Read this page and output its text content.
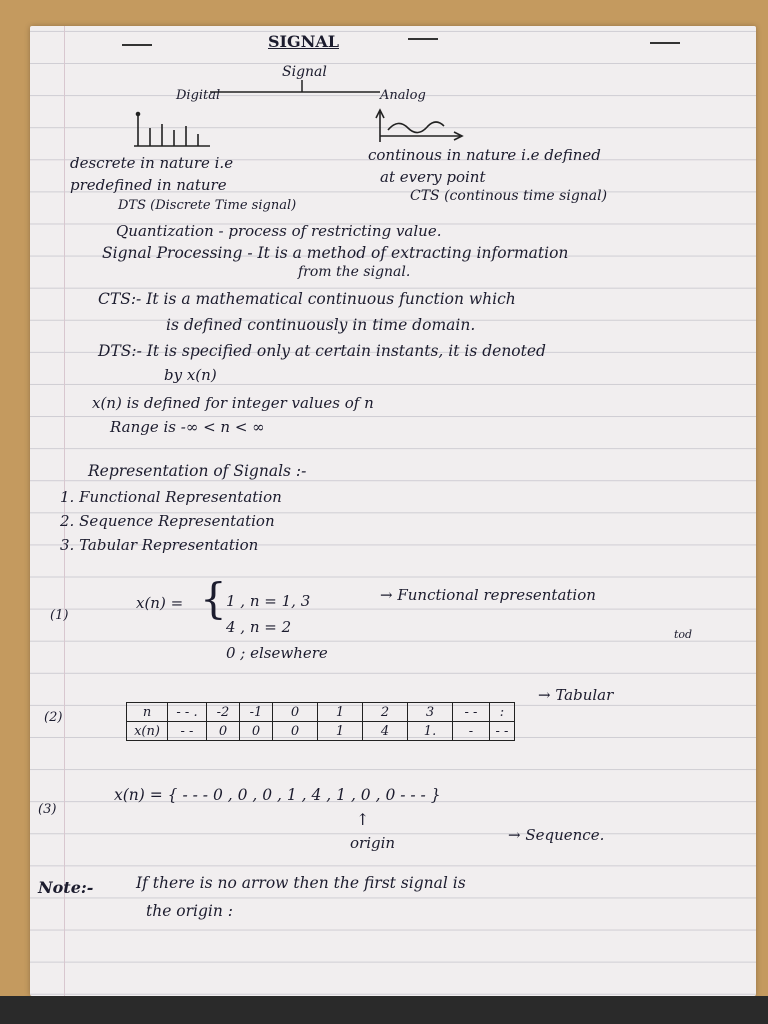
SIGNAL
Signal
Digital	Analog
descrete in nature i.e
predefined in nature
DTS (Discrete Time signal)
continous in nature i.e defined
at every point
CTS (continous time signal)
Quantization - process of restricting value.
Signal Processing - It is a method of extracting information
from the signal.
CTS:- It is a mathematical continuous function which
is defined continuously in time domain.
DTS:- It is specified only at certain instants, it is denoted
by x(n)
x(n) is defined for integer values of n
Range is -∞ < n < ∞
Representation of Signals :-
1. Functional Representation
2. Sequence Representation
3. Tabular Representation
(1)
x(n) = { 1 , n = 1, 3
4 , n = 2
0 ; elsewhere
→ Functional representation
tod
(2)	n	- - .	-2	-1	0	1	2	3	- -	:
x(n)	- -	0	0	0	1	4	1.	-	- -
→ Tabular
(3)
x(n) = { - - - 0 , 0 , 0 , 1 , 4 , 1 , 0 , 0 - - - }
↑
origin	→ Sequence.
Note:-	If there is no arrow then the first signal is
the origin :
